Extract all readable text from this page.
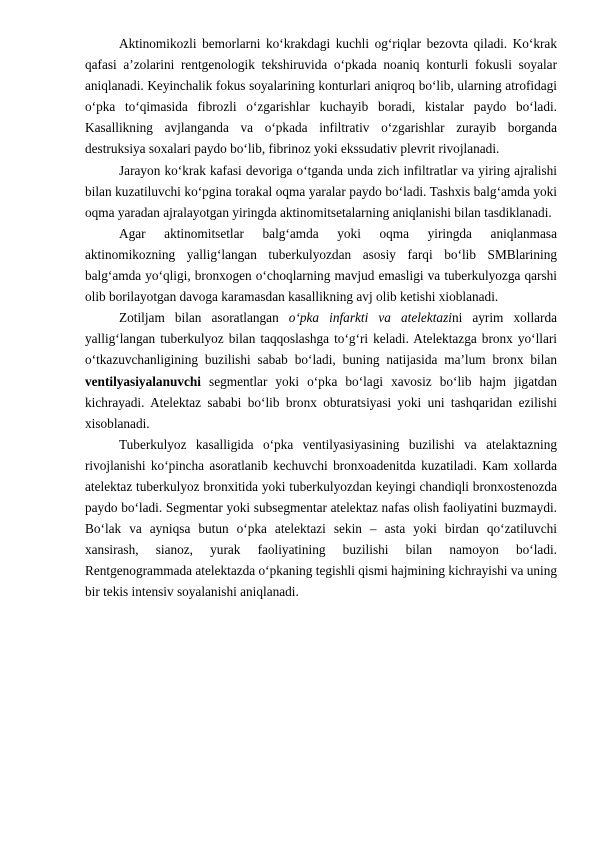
Aktinomikozli bemorlarni ko‘krakdagi kuchli og‘riqlar bezovta qiladi. Ko‘krak qafasi a’zolarini rentgenologik tekshiruvida o‘pkada noaniq konturli fokusli soyalar aniqlanadi. Keyinchalik fokus soyalarining konturlari aniqroq bo‘lib, ularning atrofidagi o‘pka to‘qimasida fibrozli o‘zgarishlar kuchayib boradi, kistalar paydo bo‘ladi. Kasallikning avjlanganda va o‘pkada infiltrativ o‘zgarishlar zurayib borganda destruksiya soxalari paydo bo‘lib, fibrinoz yoki ekssudativ plevrit rivojlanadi.

Jarayon ko‘krak kafasi devoriga o‘tganda unda zich infiltratlar va yiring ajralishi bilan kuzatiluvchi ko‘pgina torakal oqma yaralar paydo bo‘ladi. Tashxis balg‘amda yoki oqma yaradan ajralayotgan yiringda aktinomitsetalarning aniqlanishi bilan tasdiklanadi.

Agar aktinomitsetlar balg‘amda yoki oqma yiringda aniqlanmasa aktinomikozning yallig‘langan tuberkulyozdan asosiy farqi bo‘lib SMBlarining balg‘amda yo‘qligi, bronxogen o‘choqlarning mavjud emasligi va tuberkulyozga qarshi olib borilayotgan davoga karamasdan kasallikning avj olib ketishi xioblanadi.

Zotiljam bilan asoratlangan o‘pka infarkti va atelektazini ayrim xollarda yallig‘langan tuberkulyoz bilan taqqoslashga to‘g‘ri keladi. Atelektazga bronx yo‘llari o‘tkazuvchanligining buzilishi sabab bo‘ladi, buning natijasida ma’lum bronx bilan ventilyasiyalanuvchi segmentlar yoki o‘pka bo‘lagi xavosiz bo‘lib hajm jigatdan kichrayadi. Atelektaz sababi bo‘lib bronx obturatsiyasi yoki uni tashqaridan ezilishi xisoblanadi.

Tuberkulyoz kasalligida o‘pka ventilyasiyasining buzilishi va atelaktazning rivojlanishi ko‘pincha asoratlanib kechuvchi bronxoadenitda kuzatiladi. Kam xollarda atelektaz tuberkulyoz bronxitida yoki tuberkulyozdan keyingi chandiqli bronxostenozda paydo bo‘ladi. Segmentar yoki subsegmentar atelektaz nafas olish faoliyatini buzmaydi. Bo‘lak va ayniqsa butun o‘pka atelektazi sekin – asta yoki birdan qo‘zatiluvchi xansirash, sianoz, yurak faoliyatining buzilishi bilan namoyon bo‘ladi. Rentgenogrammada atelektazda o‘pkaning tegishli qismi hajmining kichrayishi va uning bir tekis intensiv soyalanishi aniqlanadi.
